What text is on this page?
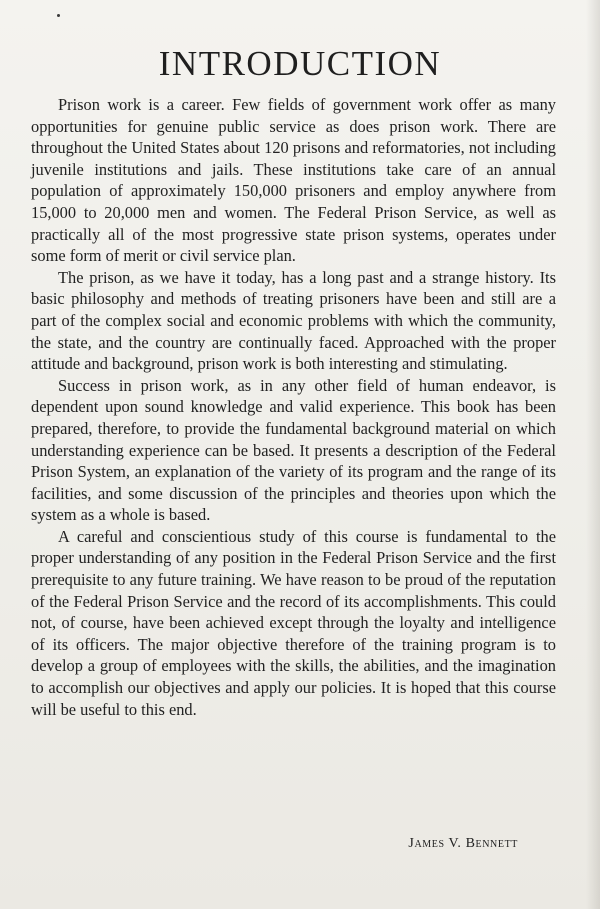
INTRODUCTION

Prison work is a career. Few fields of government work offer as many opportunities for genuine public service as does prison work. There are throughout the United States about 120 prisons and reformatories, not including juvenile institutions and jails. These institutions take care of an annual population of approximately 150,000 prisoners and employ anywhere from 15,000 to 20,000 men and women. The Federal Prison Service, as well as practically all of the most progressive state prison systems, operates under some form of merit or civil service plan.

The prison, as we have it today, has a long past and a strange history. Its basic philosophy and methods of treating prisoners have been and still are a part of the complex social and economic problems with which the community, the state, and the country are continually faced. Approached with the proper attitude and background, prison work is both interesting and stimulating.

Success in prison work, as in any other field of human endeavor, is dependent upon sound knowledge and valid experience. This book has been prepared, therefore, to provide the fundamental background material on which understanding experience can be based. It presents a description of the Federal Prison System, an explanation of the variety of its program and the range of its facilities, and some discussion of the principles and theories upon which the system as a whole is based.

A careful and conscientious study of this course is fundamental to the proper understanding of any position in the Federal Prison Service and the first prerequisite to any future training. We have reason to be proud of the reputation of the Federal Prison Service and the record of its accomplishments. This could not, of course, have been achieved except through the loyalty and intelligence of its officers. The major objective therefore of the training program is to develop a group of employees with the skills, the abilities, and the imagination to accomplish our objectives and apply our policies. It is hoped that this course will be useful to this end.

James V. Bennett
